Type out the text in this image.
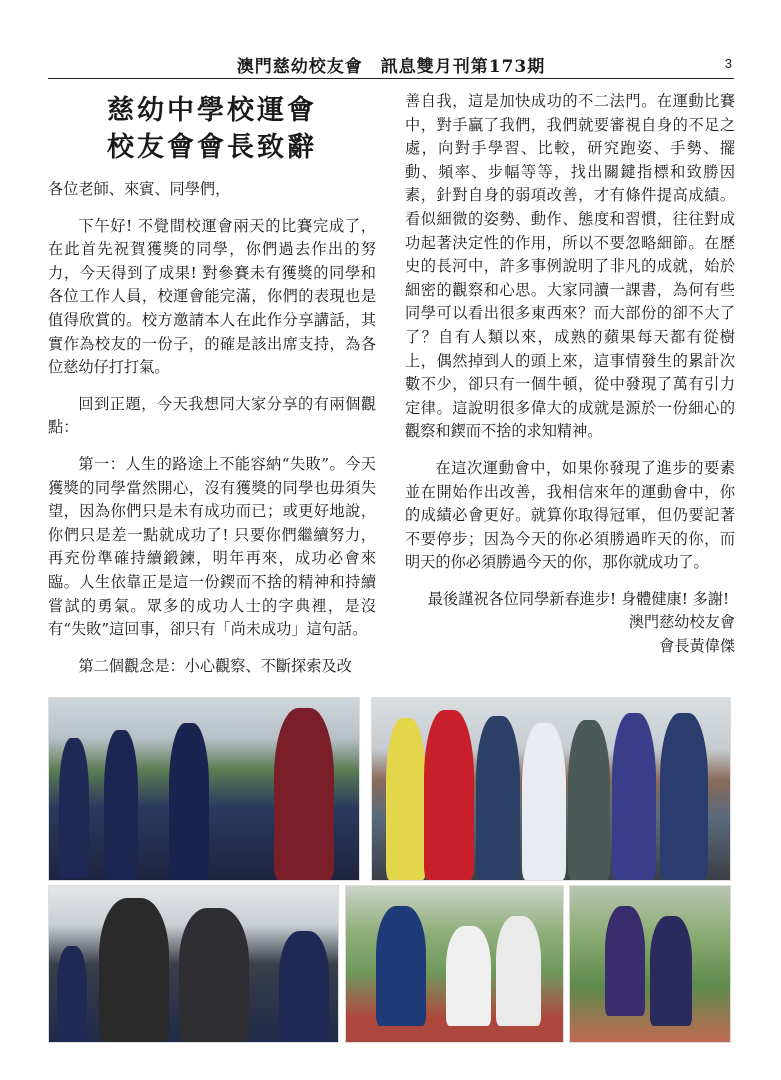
澳門慈幼校友會　訊息雙月刊第173期	3
慈幼中學校運會
校友會會長致辭

各位老師、來賓、同學們，

下午好! 不覺間校運會兩天的比賽完成了，在此首先祝賀獲獎的同學，你們過去作出的努力，今天得到了成果! 對參賽未有獲獎的同學和各位工作人員，校運會能完滿，你們的表現也是值得欣賞的。校方邀請本人在此作分享講話，其實作為校友的一份子，的確是該出席支持，為各位慈幼仔打打氣。

回到正題，今天我想同大家分享的有兩個觀點：

第一：人生的路途上不能容納“失敗”。今天獲獎的同學當然開心，沒有獲獎的同學也毋須失望，因為你們只是未有成功而已；或更好地說，你們只是差一點就成功了! 只要你們繼續努力，再充份準確持續鍛鍊，明年再來，成功必會來臨。人生依靠正是這一份鍥而不捨的精神和持續嘗試的勇氣。眾多的成功人士的字典裡，是沒有“失敗”這回事，卻只有「尚未成功」這句話。

第二個觀念是：小心觀察、不斷探索及改

善自我，這是加快成功的不二法門。在運動比賽中，對手贏了我們，我們就要審視自身的不足之處，向對手學習、比較，研究跑姿、手勢、擺動、頻率、步幅等等，找出關鍵指標和致勝因素，針對自身的弱項改善，才有條件提高成績。看似細微的姿勢、動作、態度和習慣，往往對成功起著決定性的作用，所以不要忽略細節。在歷史的長河中，許多事例說明了非凡的成就，始於細密的觀察和心思。大家同讀一課書，為何有些同學可以看出很多東西來？而大部份的卻不大了了？自有人類以來，成熟的蘋果每天都有從樹上，偶然掉到人的頭上來，這事情發生的累計次數不少，卻只有一個牛頓，從中發現了萬有引力定律。這說明很多偉大的成就是源於一份細心的觀察和鍥而不捨的求知精神。

在這次運動會中，如果你發現了進步的要素並在開始作出改善，我相信來年的運動會中，你的成績必會更好。就算你取得冠軍，但仍要記著不要停步；因為今天的你必須勝過昨天的你，而明天的你必須勝過今天的你，那你就成功了。

最後謹祝各位同學新春進步! 身體健康! 多謝!
澳門慈幼校友會
會長黃偉傑
